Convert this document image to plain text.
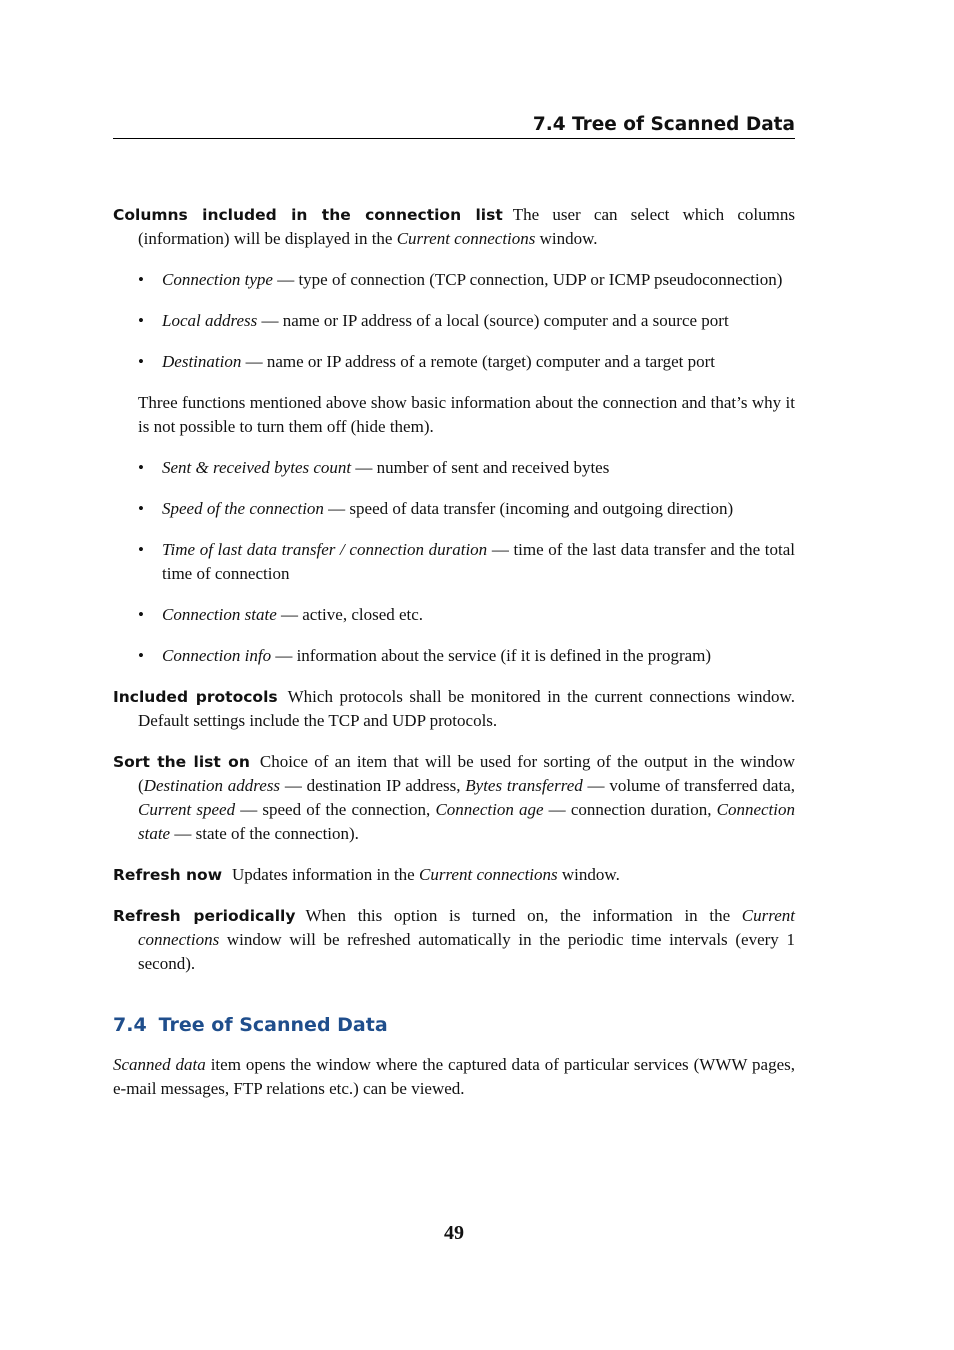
7.4 Tree of Scanned Data

Columns included in the connection list The user can select which columns (information) will be displayed in the Current connections window.

• Connection type — type of connection (TCP connection, UDP or ICMP pseudoconnection)
• Local address — name or IP address of a local (source) computer and a source port
• Destination — name or IP address of a remote (target) computer and a target port

Three functions mentioned above show basic information about the connection and that’s why it is not possible to turn them off (hide them).

• Sent & received bytes count — number of sent and received bytes
• Speed of the connection — speed of data transfer (incoming and outgoing direction)
• Time of last data transfer / connection duration — time of the last data transfer and the total time of connection
• Connection state — active, closed etc.
• Connection info — information about the service (if it is defined in the program)

Included protocols Which protocols shall be monitored in the current connections window. Default settings include the TCP and UDP protocols.

Sort the list on Choice of an item that will be used for sorting of the output in the window (Destination address — destination IP address, Bytes transferred — volume of transferred data, Current speed — speed of the connection, Connection age — connection duration, Connection state — state of the connection).

Refresh now Updates information in the Current connections window.

Refresh periodically When this option is turned on, the information in the Current connections window will be refreshed automatically in the periodic time intervals (every 1 second).

7.4 Tree of Scanned Data

Scanned data item opens the window where the captured data of particular services (WWW pages, e-mail messages, FTP relations etc.) can be viewed.

49
